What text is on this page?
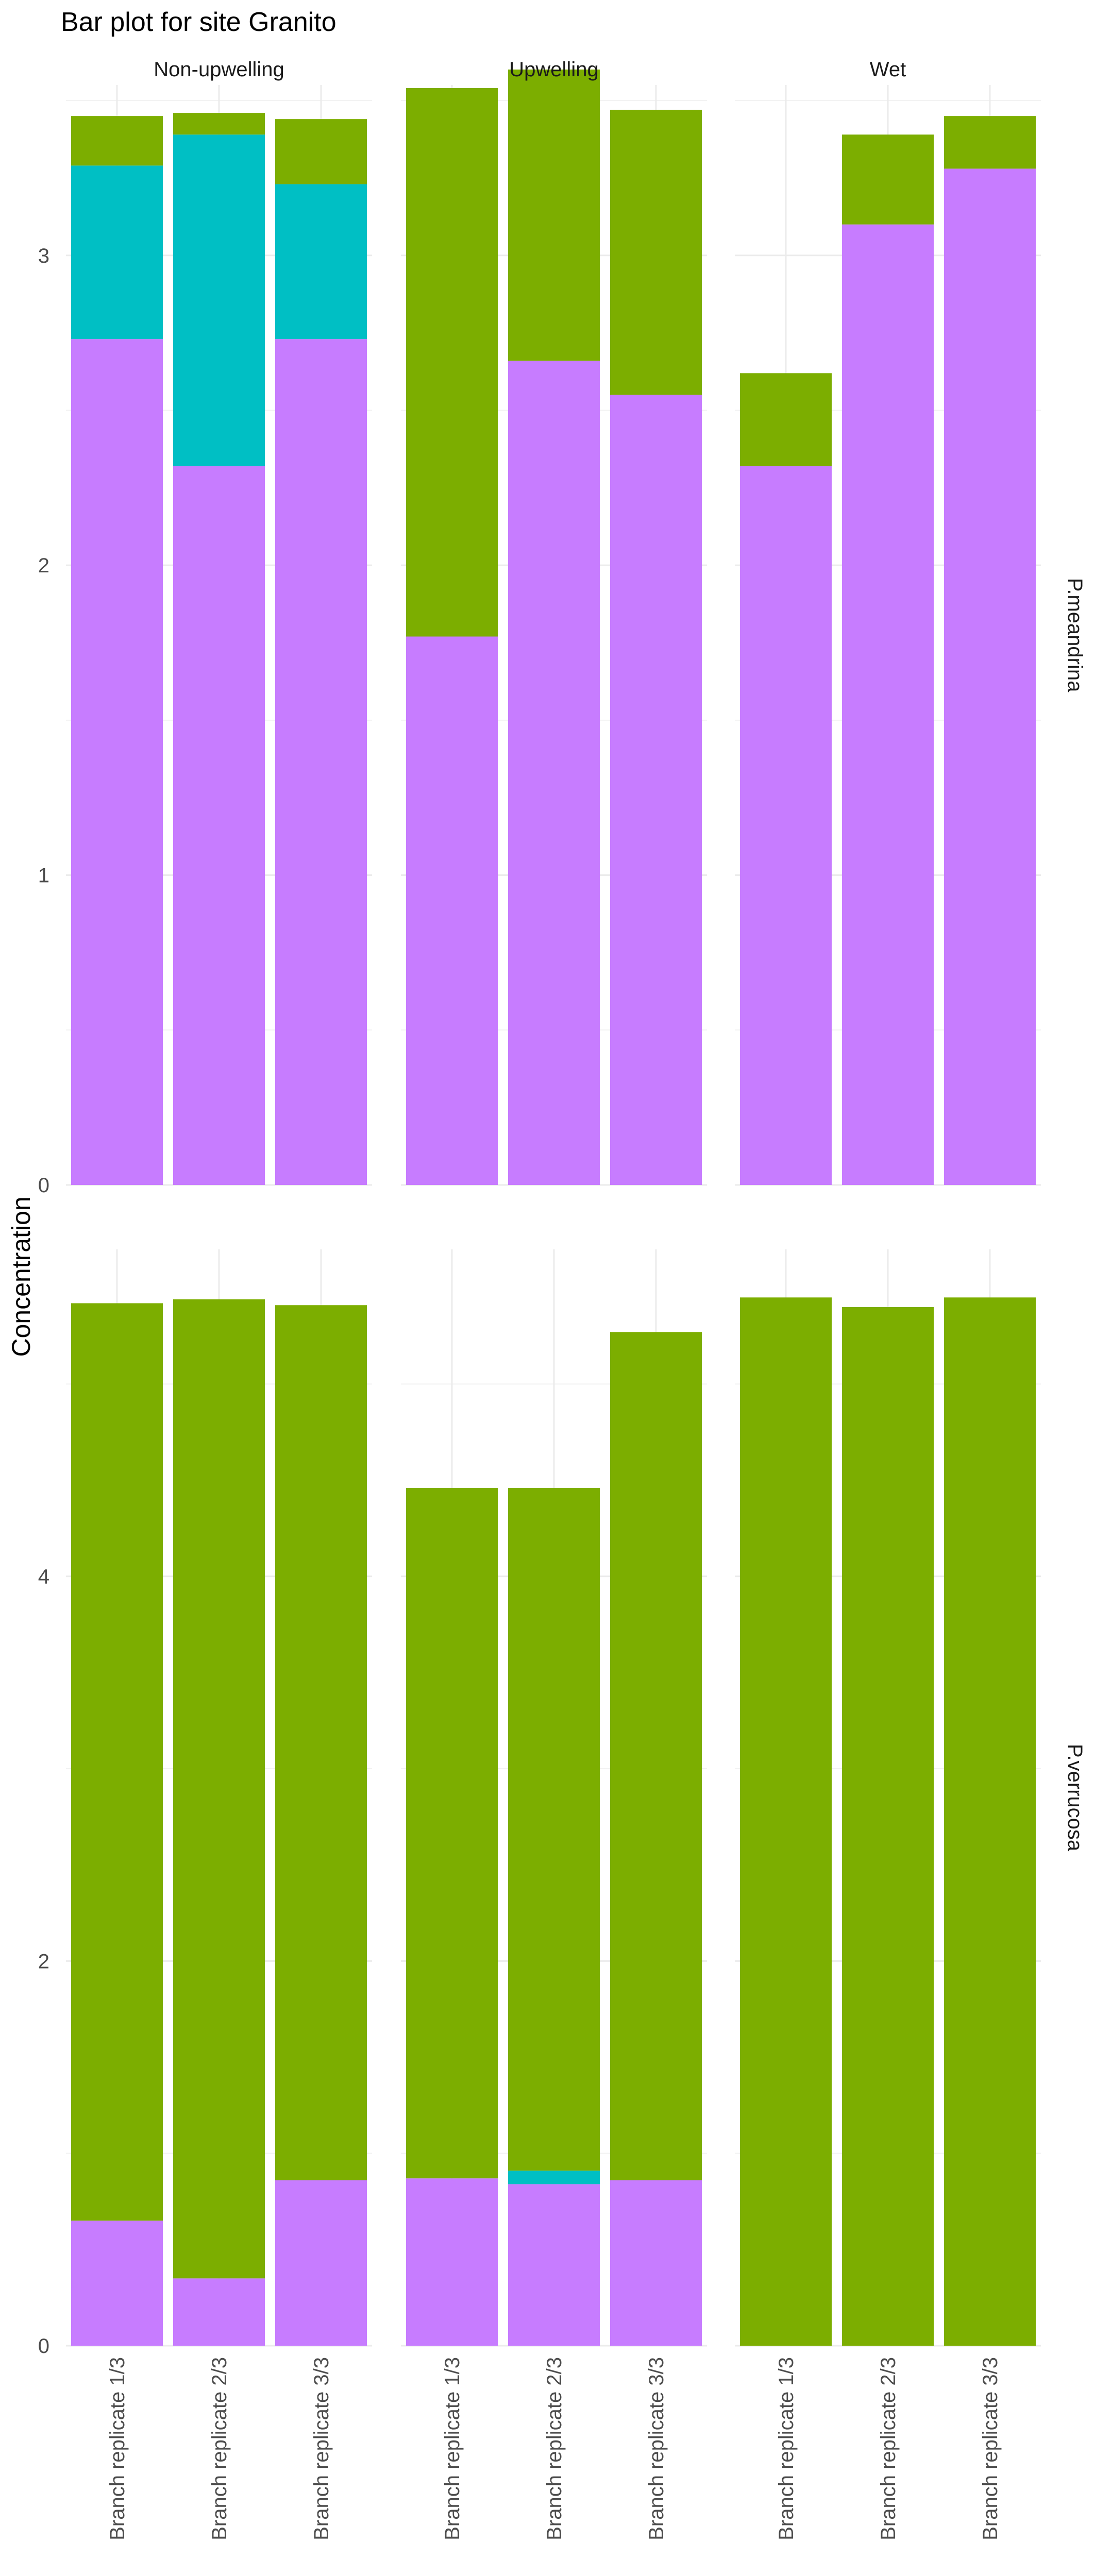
Bar plot for site Granito
Concentration
0
1
2
3
P.meandrina
Non-upwelling	Upwelling	Wet
0
2
4
P.verrucosa
Branch replicate 1/3	Branch replicate 2/3	Branch replicate 3/3	Branch replicate 1/3	Branch replicate 2/3	Branch replicate 3/3	Branch replicate 1/3	Branch replicate 2/3	Branch replicate 3/3
